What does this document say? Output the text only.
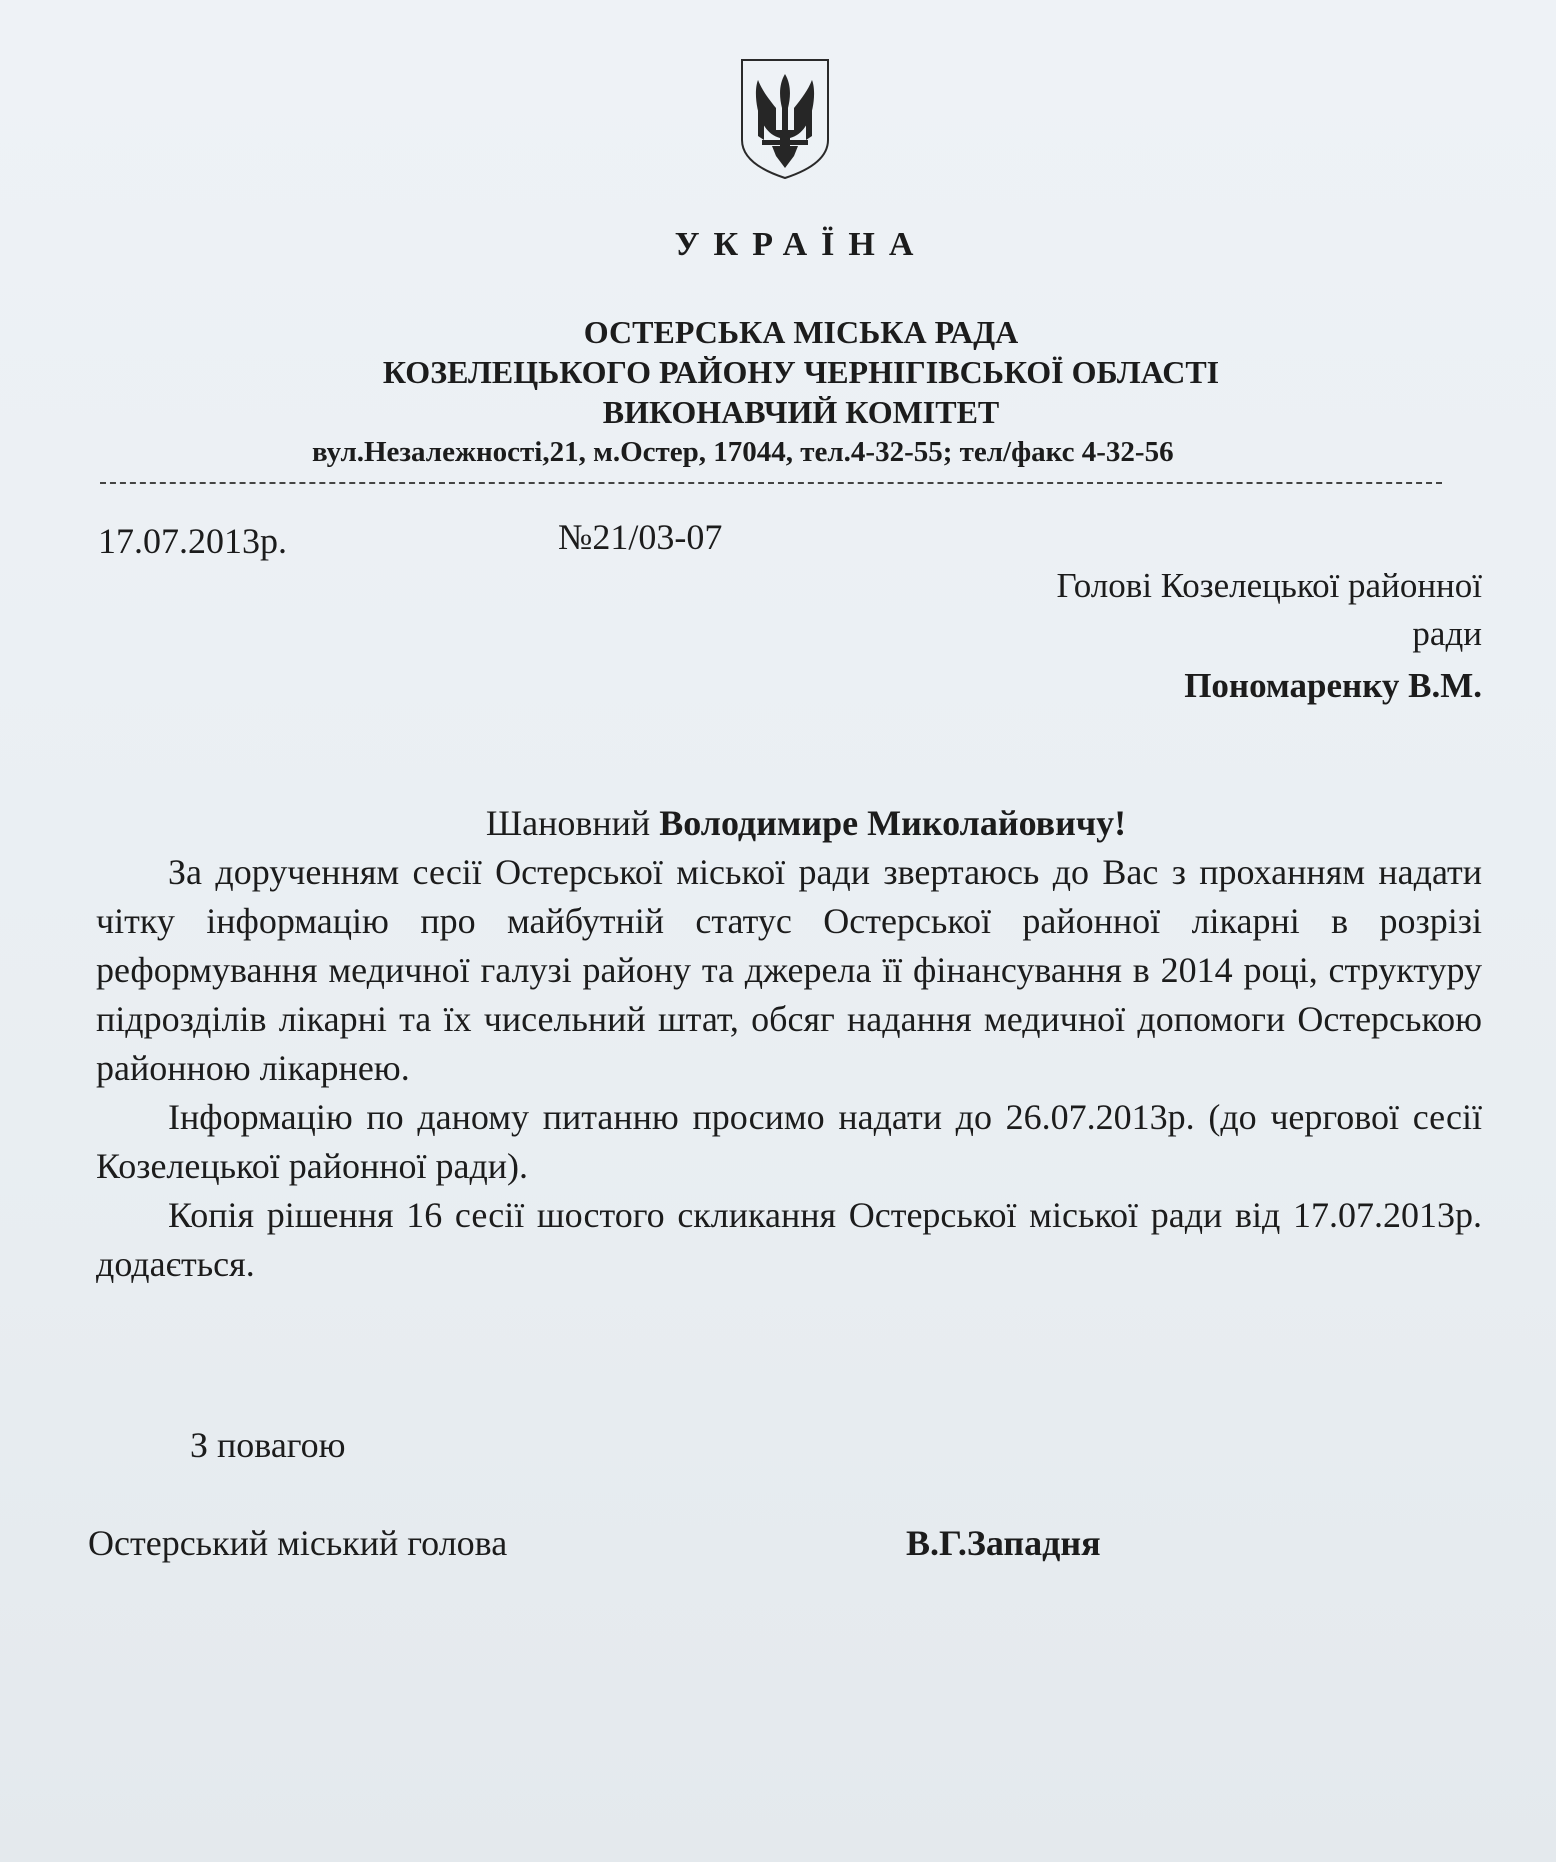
УКРАЇНА
ОСТЕРСЬКА МІСЬКА РАДА
КОЗЕЛЕЦЬКОГО РАЙОНУ ЧЕРНІГІВСЬКОЇ ОБЛАСТІ
ВИКОНАВЧИЙ КОМІТЕТ
вул.Незалежності,21, м.Остер, 17044, тел.4-32-55; тел/факс 4-32-56
17.07.2013р.	№21/03-07
Голові Козелецької районної
ради
Пономаренку В.М.
Шановний Володимире Миколайовичу!

За дорученням сесії Остерської міської ради звертаюсь до Вас з проханням надати чітку інформацію про майбутній статус Остерської районної лікарні в розрізі реформування медичної галузі району та джерела її фінансування в 2014 році, структуру підрозділів лікарні та їх чисельний штат, обсяг надання медичної допомоги Остерською районною лікарнею.

Інформацію по даному питанню просимо надати до 26.07.2013р. (до чергової сесії Козелецької районної ради).

Копія рішення 16 сесії шостого скликання Остерської міської ради від 17.07.2013р. додається.

З повагою
Остерський міський голова	В.Г.Западня
